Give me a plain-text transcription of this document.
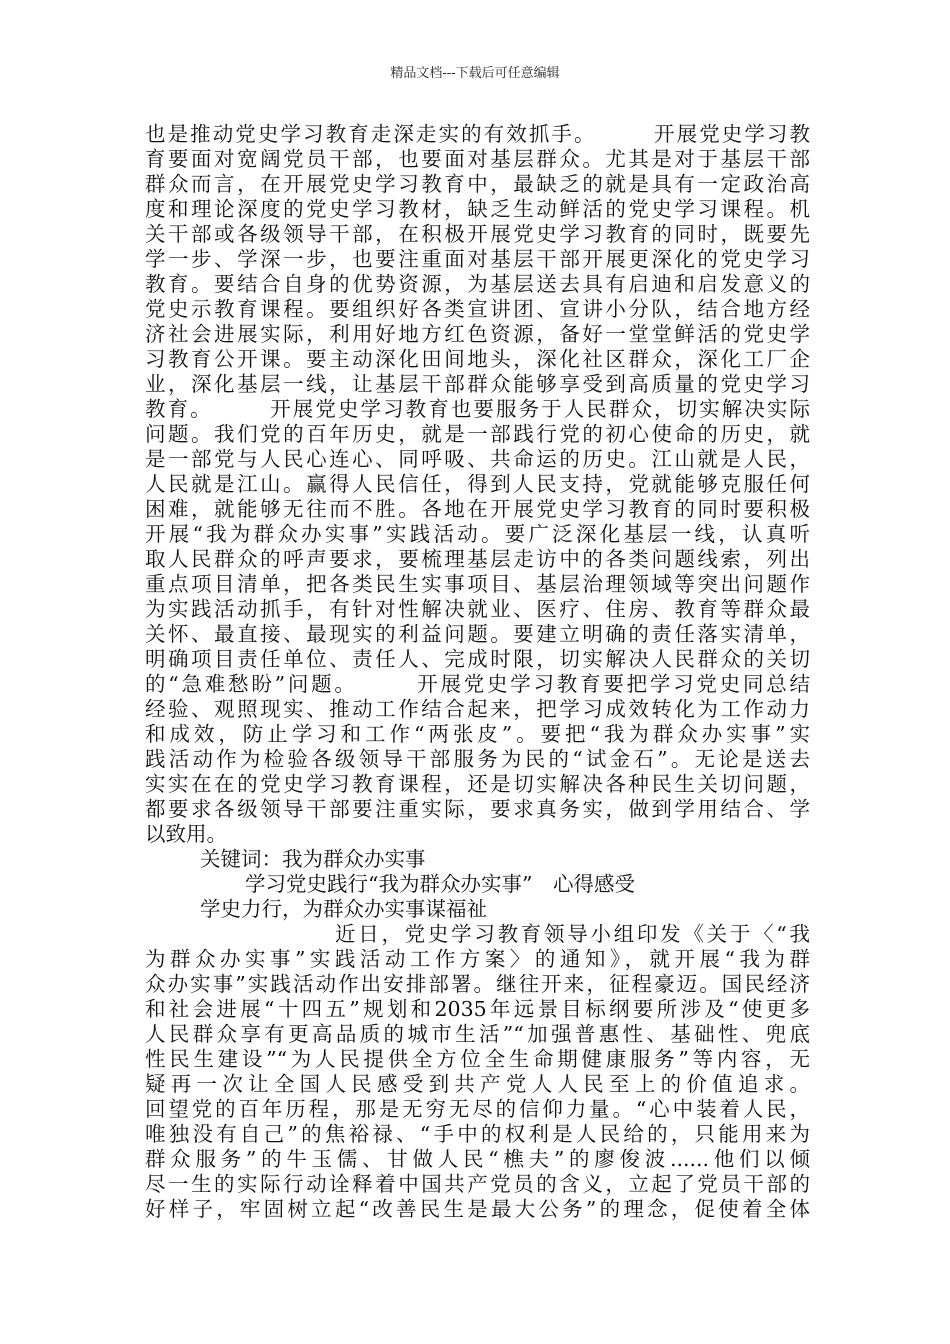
精品文档---下载后可任意编辑
也是推动党史学习教育走深走实的有效抓手。　　　开展党史学习教
育要面对宽阔党员干部，也要面对基层群众。尤其是对于基层干部
群众而言，在开展党史学习教育中，最缺乏的就是具有一定政治高
度和理论深度的党史学习教材，缺乏生动鲜活的党史学习课程。机
关干部或各级领导干部，在积极开展党史学习教育的同时，既要先
学一步、学深一步，也要注重面对基层干部开展更深化的党史学习
教育。要结合自身的优势资源，为基层送去具有启迪和启发意义的
党史示教育课程。要组织好各类宣讲团、宣讲小分队，结合地方经
济社会进展实际，利用好地方红色资源，备好一堂堂鲜活的党史学
习教育公开课。要主动深化田间地头，深化社区群众，深化工厂企
业，深化基层一线，让基层干部群众能够享受到高质量的党史学习
教育。　　　开展党史学习教育也要服务于人民群众，切实解决实际
问题。我们党的百年历史，就是一部践行党的初心使命的历史，就
是一部党与人民心连心、同呼吸、共命运的历史。江山就是人民，
人民就是江山。赢得人民信任，得到人民支持，党就能够克服任何
困难，就能够无往而不胜。各地在开展党史学习教育的同时要积极
开展“我为群众办实事”实践活动。要广泛深化基层一线，认真听
取人民群众的呼声要求，要梳理基层走访中的各类问题线索，列出
重点项目清单，把各类民生实事项目、基层治理领域等突出问题作
为实践活动抓手，有针对性解决就业、医疗、住房、教育等群众最
关怀、最直接、最现实的利益问题。要建立明确的责任落实清单，
明确项目责任单位、责任人、完成时限，切实解决人民群众的关切
的“急难愁盼”问题。　　　开展党史学习教育要把学习党史同总结
经验、观照现实、推动工作结合起来，把学习成效转化为工作动力
和成效，防止学习和工作“两张皮”。要把“我为群众办实事”实
践活动作为检验各级领导干部服务为民的“试金石”。无论是送去
实实在在的党史学习教育课程，还是切实解决各种民生关切问题，
都要求各级领导干部要注重实际，要求真务实，做到学用结合、学
以致用。
关键词：我为群众办实事
学习党史践行“我为群众办实事”　心得感受
学史力行，为群众办实事谋福祉
近日，党史学习教育领导小组印发《关于〈“我
为群众办实事”实践活动工作方案〉的通知》，就开展“我为群
众办实事”实践活动作出安排部署。继往开来，征程豪迈。国民经济
和社会进展“十四五”规划和2035年远景目标纲要所涉及“使更多
人民群众享有更高品质的城市生活”“加强普惠性、基础性、兜底
性民生建设”“为人民提供全方位全生命期健康服务”等内容，无
疑再一次让全国人民感受到共产党人人民至上的价值追求。
回望党的百年历程，那是无穷无尽的信仰力量。“心中装着人民，
唯独没有自己”的焦裕禄、“手中的权利是人民给的，只能用来为
群众服务”的牛玉儒、甘做人民“樵夫”的廖俊波......他们以倾
尽一生的实际行动诠释着中国共产党员的含义，立起了党员干部的
好样子，牢固树立起“改善民生是最大公务”的理念，促使着全体
